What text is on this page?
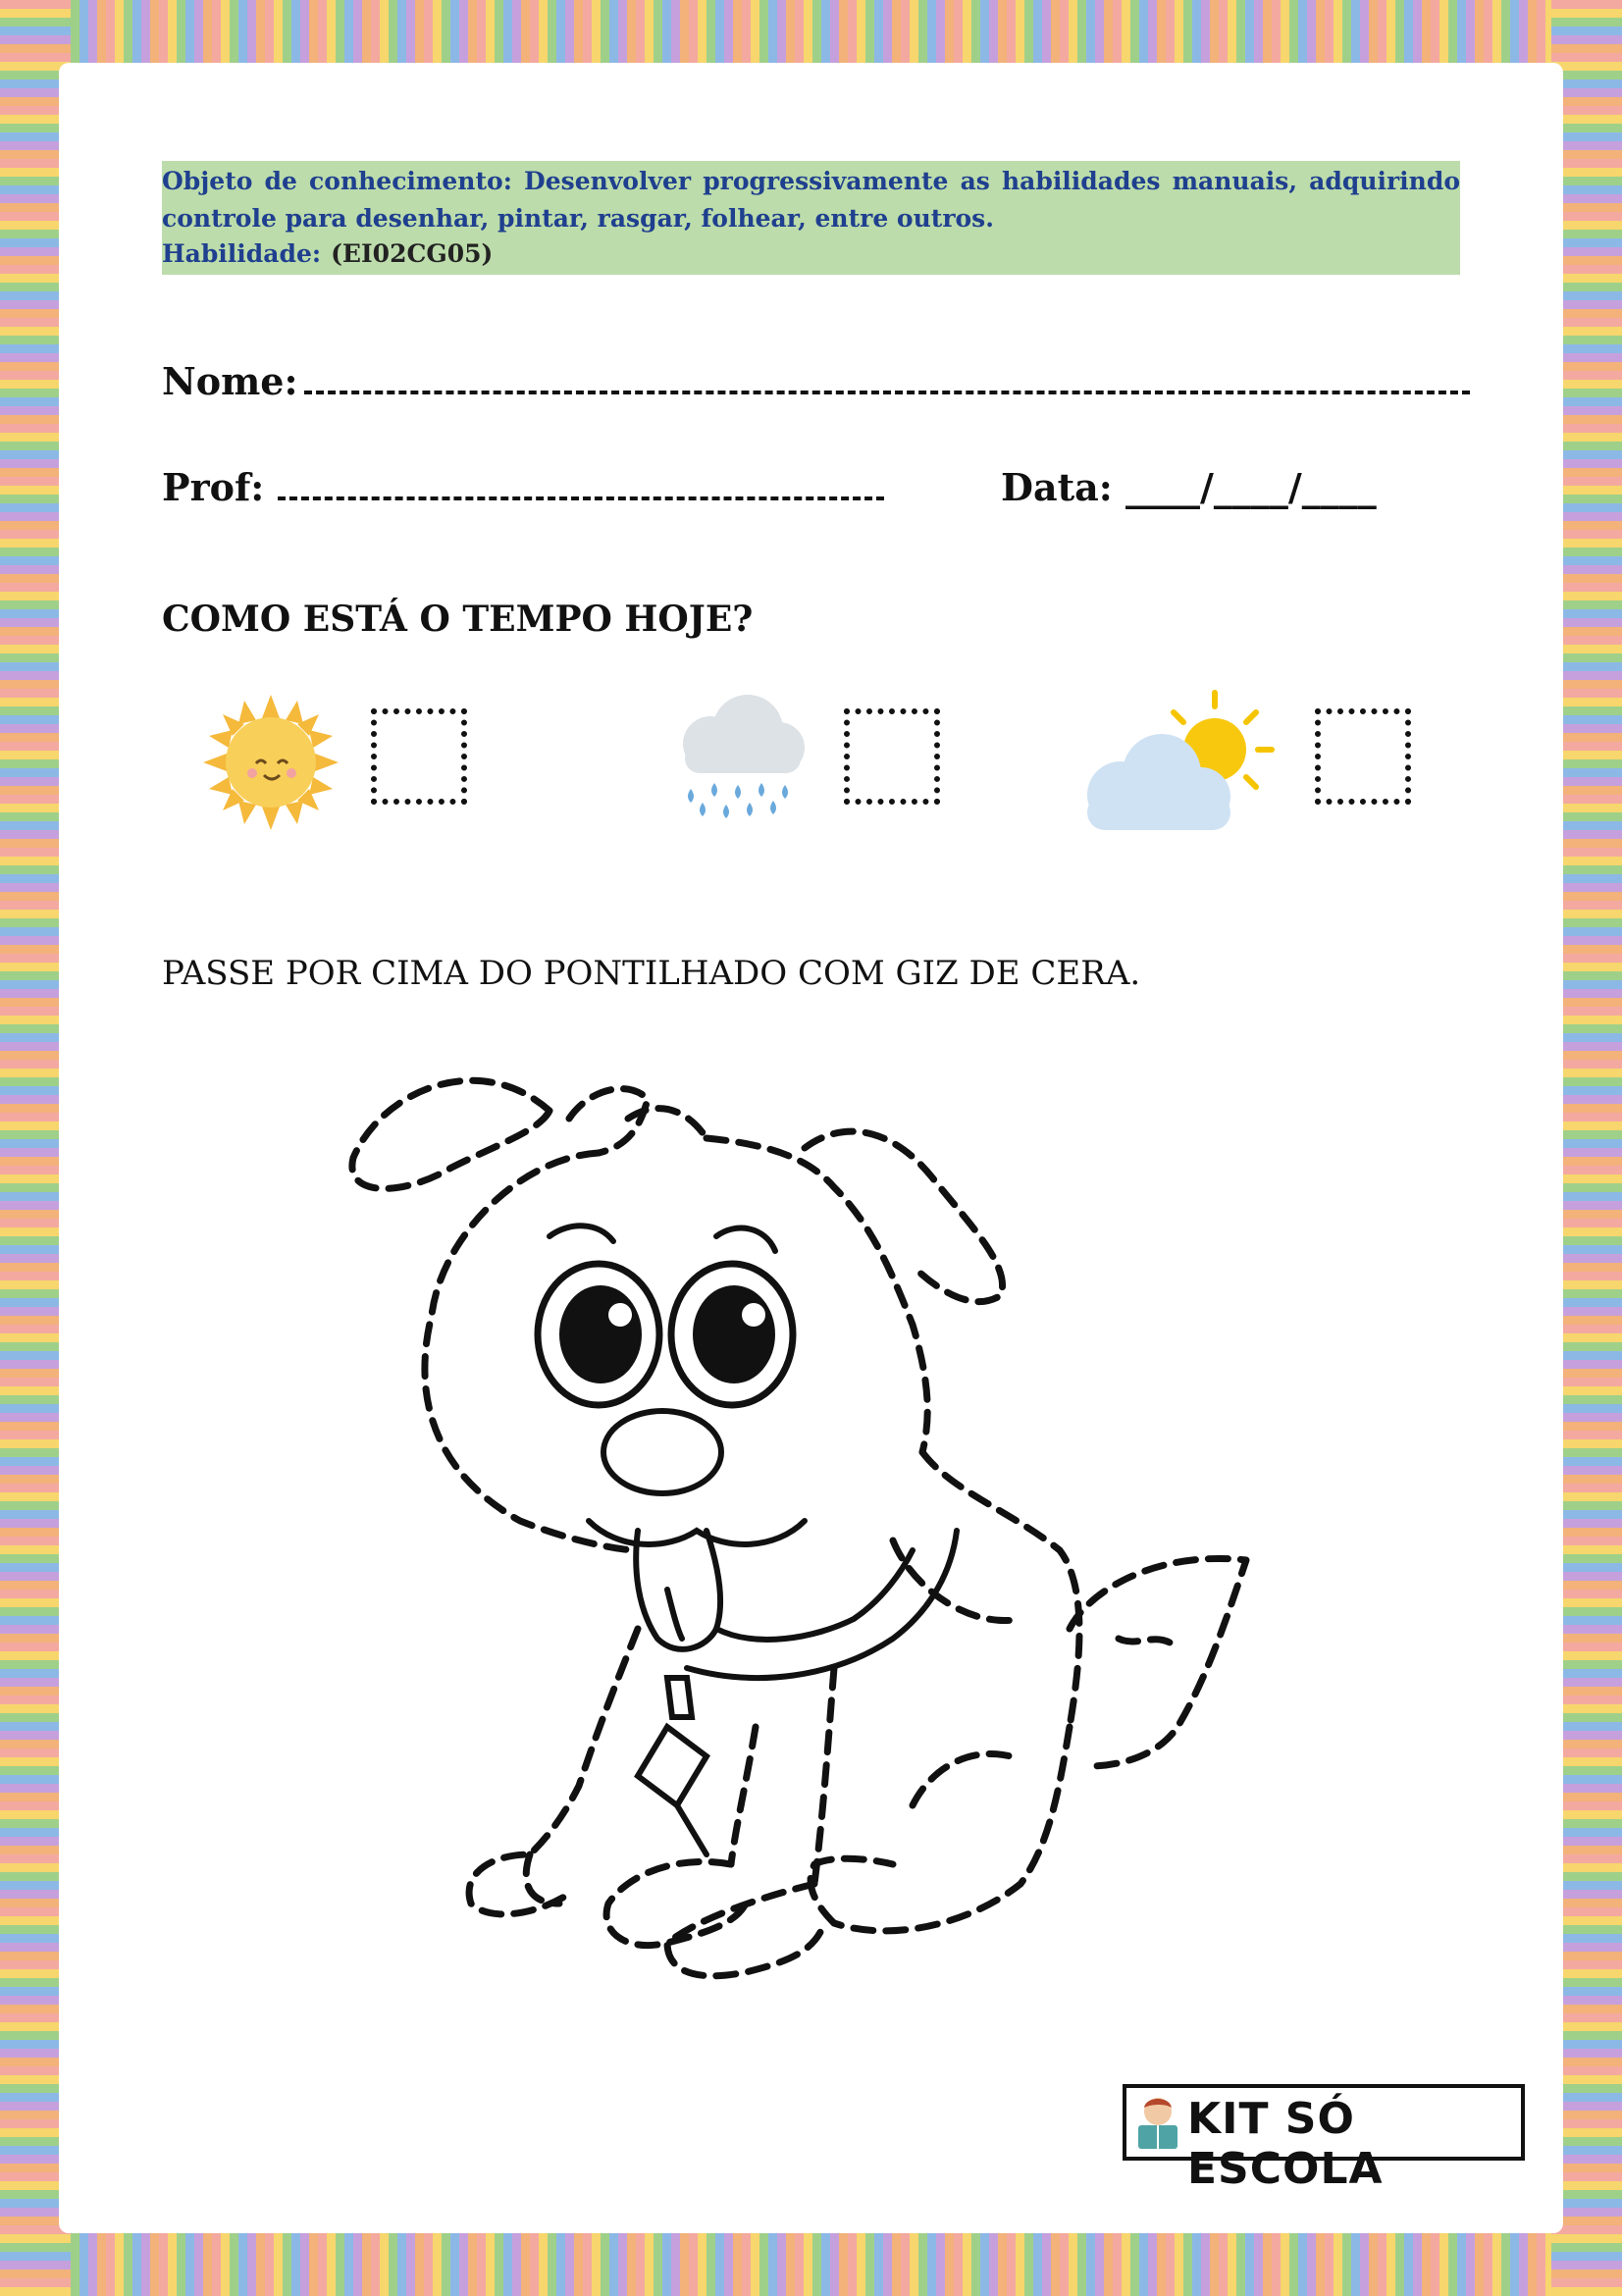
Objeto de conhecimento: Desenvolver progressivamente as habilidades manuais, adquirindo controle para desenhar, pintar, rasgar, folhear, entre outros.
Habilidade: (EI02CG05)
Nome:
Prof:	Data: ____/____/____
COMO ESTÁ O TEMPO HOJE?
PASSE POR CIMA DO PONTILHADO COM GIZ DE CERA.
KIT SÓ ESCOLA
